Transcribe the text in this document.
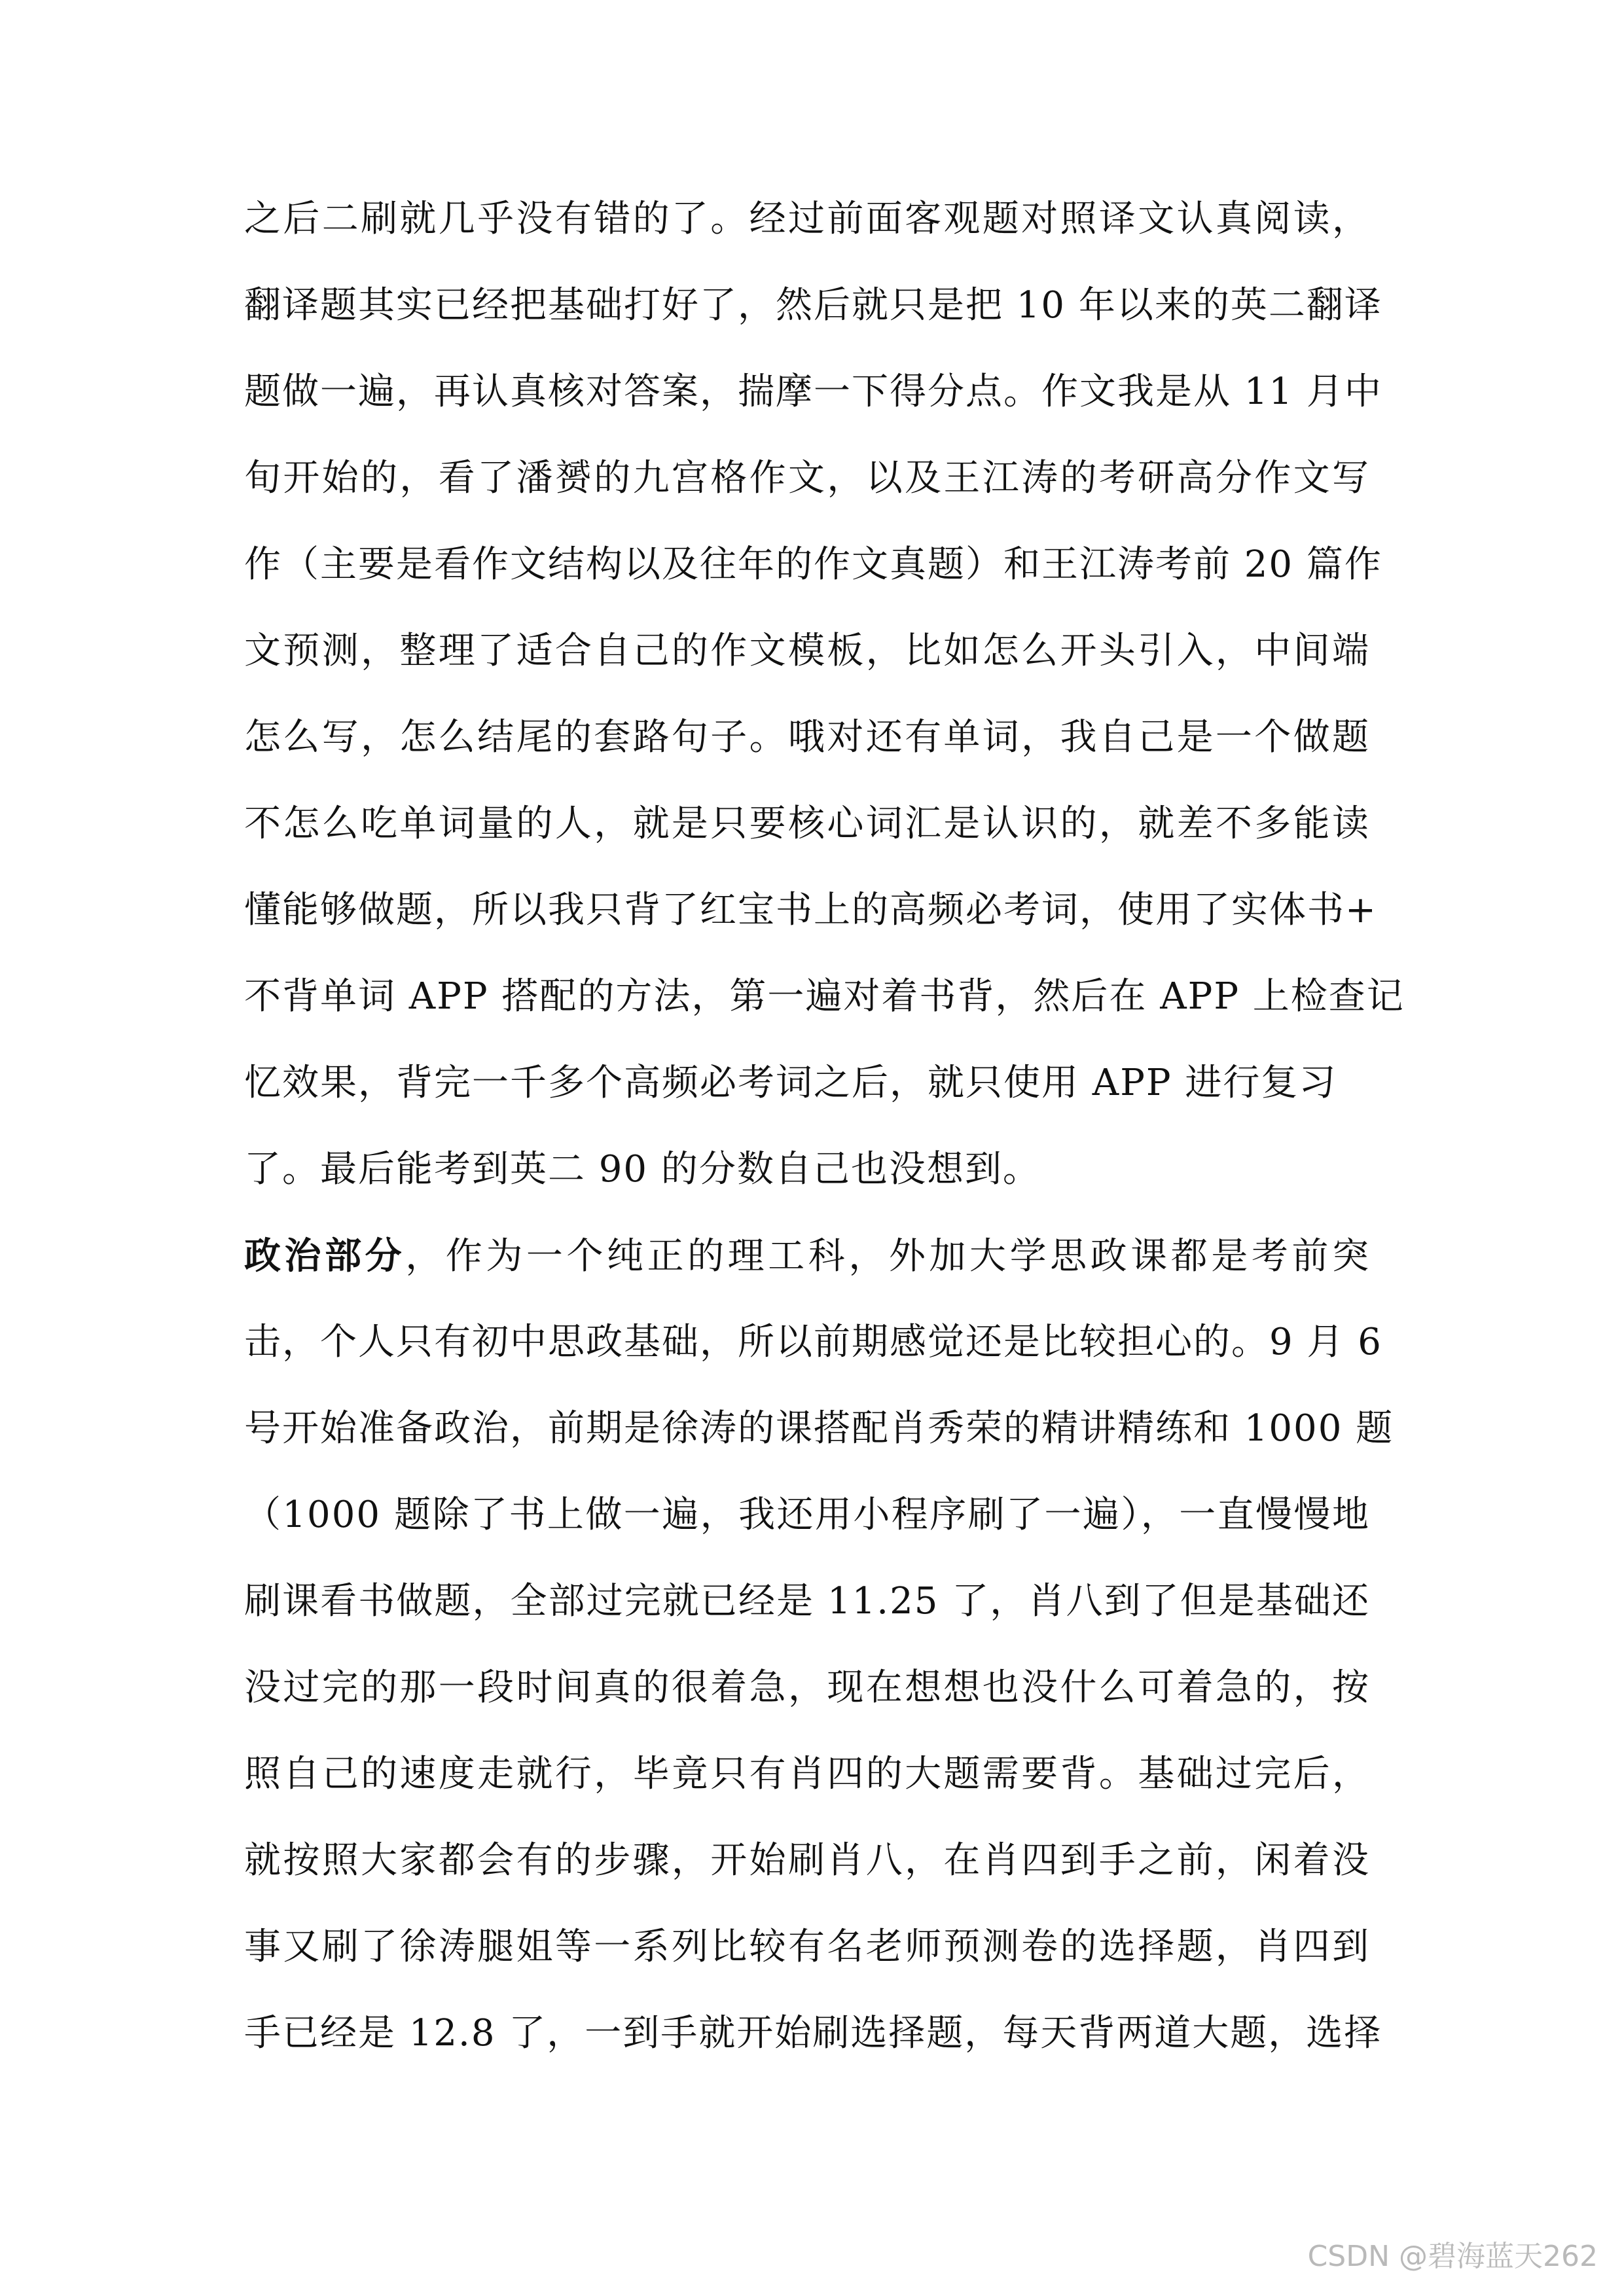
之后二刷就几乎没有错的了。经过前面客观题对照译文认真阅读，
翻译题其实已经把基础打好了，然后就只是把 10 年以来的英二翻译
题做一遍，再认真核对答案，揣摩一下得分点。作文我是从 11 月中
旬开始的，看了潘赟的九宫格作文，以及王江涛的考研高分作文写
作（主要是看作文结构以及往年的作文真题）和王江涛考前 20 篇作
文预测，整理了适合自己的作文模板，比如怎么开头引入，中间端
怎么写，怎么结尾的套路句子。哦对还有单词，我自己是一个做题
不怎么吃单词量的人，就是只要核心词汇是认识的，就差不多能读
懂能够做题，所以我只背了红宝书上的高频必考词，使用了实体书+
不背单词 APP 搭配的方法，第一遍对着书背，然后在 APP 上检查记
忆效果，背完一千多个高频必考词之后，就只使用 APP 进行复习
了。最后能考到英二 90 的分数自己也没想到。
政治部分，作为一个纯正的理工科，外加大学思政课都是考前突
击，个人只有初中思政基础，所以前期感觉还是比较担心的。9 月 6
号开始准备政治，前期是徐涛的课搭配肖秀荣的精讲精练和 1000 题
（1000 题除了书上做一遍，我还用小程序刷了一遍），一直慢慢地
刷课看书做题，全部过完就已经是 11.25 了，肖八到了但是基础还
没过完的那一段时间真的很着急，现在想想也没什么可着急的，按
照自己的速度走就行，毕竟只有肖四的大题需要背。基础过完后，
就按照大家都会有的步骤，开始刷肖八，在肖四到手之前，闲着没
事又刷了徐涛腿姐等一系列比较有名老师预测卷的选择题，肖四到
手已经是 12.8 了，一到手就开始刷选择题，每天背两道大题，选择
CSDN @碧海蓝天262
